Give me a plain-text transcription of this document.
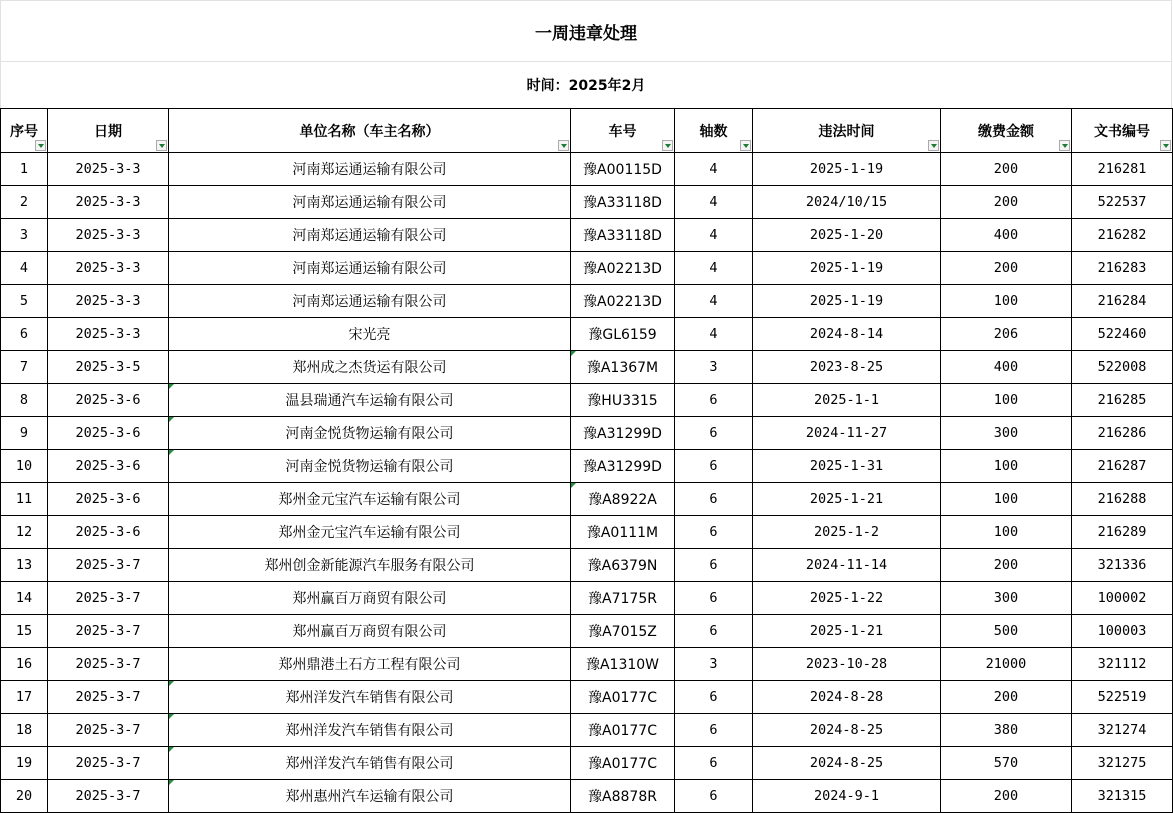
一周违章处理
时间：2025年2月
序号	日期	单位名称（车主名称）	车号	轴数	违法时间	缴费金额	文书编号

1	2025-3-3	河南郑运通运输有限公司	豫A00115D	4	2025-1-19	200	216281
2	2025-3-3	河南郑运通运输有限公司	豫A33118D	4	2024/10/15	200	522537
3	2025-3-3	河南郑运通运输有限公司	豫A33118D	4	2025-1-20	400	216282
4	2025-3-3	河南郑运通运输有限公司	豫A02213D	4	2025-1-19	200	216283
5	2025-3-3	河南郑运通运输有限公司	豫A02213D	4	2025-1-19	100	216284
6	2025-3-3	宋光亮	豫GL6159	4	2024-8-14	206	522460
7	2025-3-5	郑州成之杰货运有限公司	豫A1367M	3	2023-8-25	400	522008
8	2025-3-6	温县瑞通汽车运输有限公司	豫HU3315	6	2025-1-1	100	216285
9	2025-3-6	河南金悦货物运输有限公司	豫A31299D	6	2024-11-27	300	216286
10	2025-3-6	河南金悦货物运输有限公司	豫A31299D	6	2025-1-31	100	216287
11	2025-3-6	郑州金元宝汽车运输有限公司	豫A8922A	6	2025-1-21	100	216288
12	2025-3-6	郑州金元宝汽车运输有限公司	豫A0111M	6	2025-1-2	100	216289
13	2025-3-7	郑州创金新能源汽车服务有限公司	豫A6379N	6	2024-11-14	200	321336
14	2025-3-7	郑州赢百万商贸有限公司	豫A7175R	6	2025-1-22	300	100002
15	2025-3-7	郑州赢百万商贸有限公司	豫A7015Z	6	2025-1-21	500	100003
16	2025-3-7	郑州鼎港土石方工程有限公司	豫A1310W	3	2023-10-28	21000	321112
17	2025-3-7	郑州洋发汽车销售有限公司	豫A0177C	6	2024-8-28	200	522519
18	2025-3-7	郑州洋发汽车销售有限公司	豫A0177C	6	2024-8-25	380	321274
19	2025-3-7	郑州洋发汽车销售有限公司	豫A0177C	6	2024-8-25	570	321275
20	2025-3-7	郑州惠州汽车运输有限公司	豫A8878R	6	2024-9-1	200	321315
